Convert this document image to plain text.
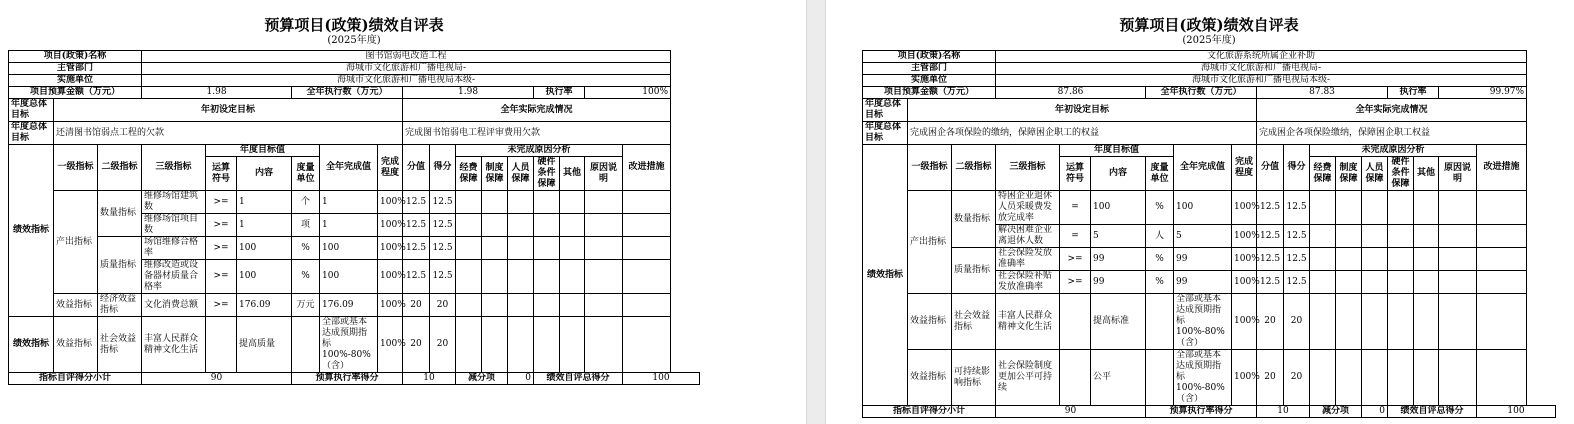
预算项目(政策)绩效自评表
(2025年度)
项目(政策)名称			图书馆弱电改造工程														
主管部门			海城市文化旅游和广播电视局-														
实施单位			海城市文化旅游和广播电视局本级-														
项目预算金额（万元）			1.98			全年执行数（万元）			1.98					执行率		100%	
年度总体目标	年初设定目标								全年实际完成情况								
年度总体目标	还清图书馆弱点工程的欠款								完成图书馆弱电工程评审费用欠款								
绩效指标	一级指标	二级指标	三级指标	年度目标值			全年完成值	完成程度	分值	得分	未完成原因分析						改进措施
				运算符号	内容	度量单位					经费保障	制度保障	人员保障	硬件条件保障	其他	原因说明	
	产出指标	数量指标	维修场馆建筑数	>=	1	个	1	100%	12.5	12.5							
			维修场馆项目数	>=	1	项	1	100%	12.5	12.5							
		质量指标	场馆维修合格率	>=	100	%	100	100%	12.5	12.5							
			维修改造或设备器材质量合格率	>=	100	%	100	100%	12.5	12.5							
	效益指标	经济效益指标	文化消费总额	>=	176.09	万元	176.09	100%	20	20							
绩效指标	效益指标	社会效益指标	丰富人民群众精神文化生活		提高质量		全部或基本达成预期指标100%-80%（含）	100%	20	20							
指标自评得分小计			90			预算执行率得分			10		减分项		0	绩效自评总得分			100
预算项目(政策)绩效自评表
(2025年度)
项目(政策)名称			文化旅游系统所属企业补助														
主管部门			海城市文化旅游和广播电视局-														
实施单位			海城市文化旅游和广播电视局本级-														
项目预算金额（万元）			87.86			全年执行数（万元）			87.83					执行率		99.97%	
年度总体目标	年初设定目标								全年实际完成情况								
年度总体目标	完成困企各项保险的缴纳，保障困企职工的权益								完成困企各项保险缴纳，保障困企职工权益								
绩效指标	一级指标	二级指标	三级指标	年度目标值			全年完成值	完成程度	分值	得分	未完成原因分析						改进措施
				运算符号	内容	度量单位					经费保障	制度保障	人员保障	硬件条件保障	其他	原因说明	
	产出指标	数量指标	特困企业退休人员采暖费发放完成率	=	100	%	100	100%	12.5	12.5							
			解决困难企业离退休人数	=	5	人	5	100%	12.5	12.5							
		质量指标	社会保险发放准确率	>=	99	%	99	100%	12.5	12.5							
			社会保险补贴发放准确率	>=	99	%	99	100%	12.5	12.5							
	效益指标	社会效益指标	丰富人民群众精神文化生活		提高标准		全部或基本达成预期指标100%-80%（含）	100%	20	20							
	效益指标	可持续影响指标	社会保险制度更加公平可持续		公平		全部或基本达成预期指标100%-80%（含）	100%	20	20							
指标自评得分小计			90			预算执行率得分			10		减分项		0	绩效自评总得分			100
